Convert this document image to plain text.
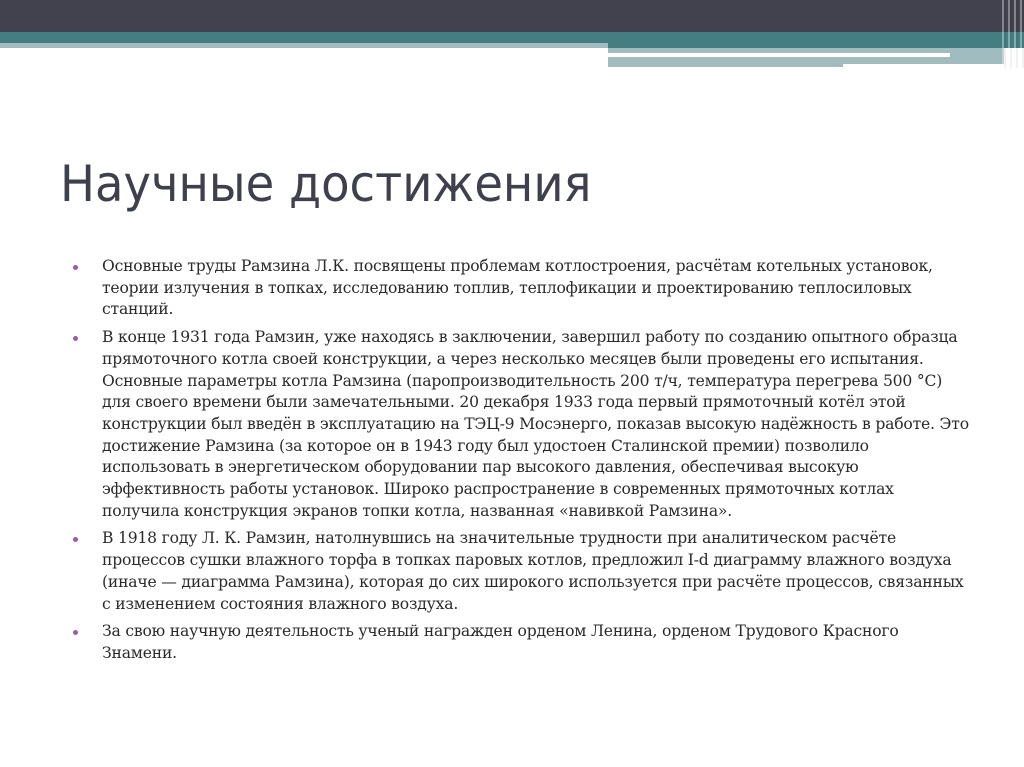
Научные достижения
Основные труды Рамзина Л.К. посвящены проблемам котлостроения, расчётам котельных установок, теории излучения в топках, исследованию топлив, теплофикации и проектированию теплосиловых станций.
В конце 1931 года Рамзин, уже находясь в заключении, завершил работу по созданию опытного образца прямоточного котла своей конструкции, а через несколько месяцев были проведены его испытания. Основные параметры котла Рамзина (паропроизводительность 200 т/ч, температура перегрева 500 °C) для своего времени были замечательными. 20 декабря 1933 года первый прямоточный котёл этой конструкции был введён в эксплуатацию на ТЭЦ-9 Мосэнерго, показав высокую надёжность в работе. Это достижение Рамзина (за которое он в 1943 году был удостоен Сталинской премии) позволило использовать в энергетическом оборудовании пар высокого давления, обеспечивая высокую эффективность работы установок. Широко распространение в современных прямоточных котлах получила конструкция экранов топки котла, названная «навивкой Рамзина».
В 1918 году Л. К. Рамзин, натолнувшись на значительные трудности при аналитическом расчёте процессов сушки влажного торфа в топках паровых котлов, предложил I-d диаграмму влажного воздуха (иначе — диаграмма Рамзина), которая до сих широкого используется при расчёте процессов, связанных с изменением состояния влажного воздуха.
За свою научную деятельность ученый награжден орденом Ленина, орденом Трудового Красного Знамени.
